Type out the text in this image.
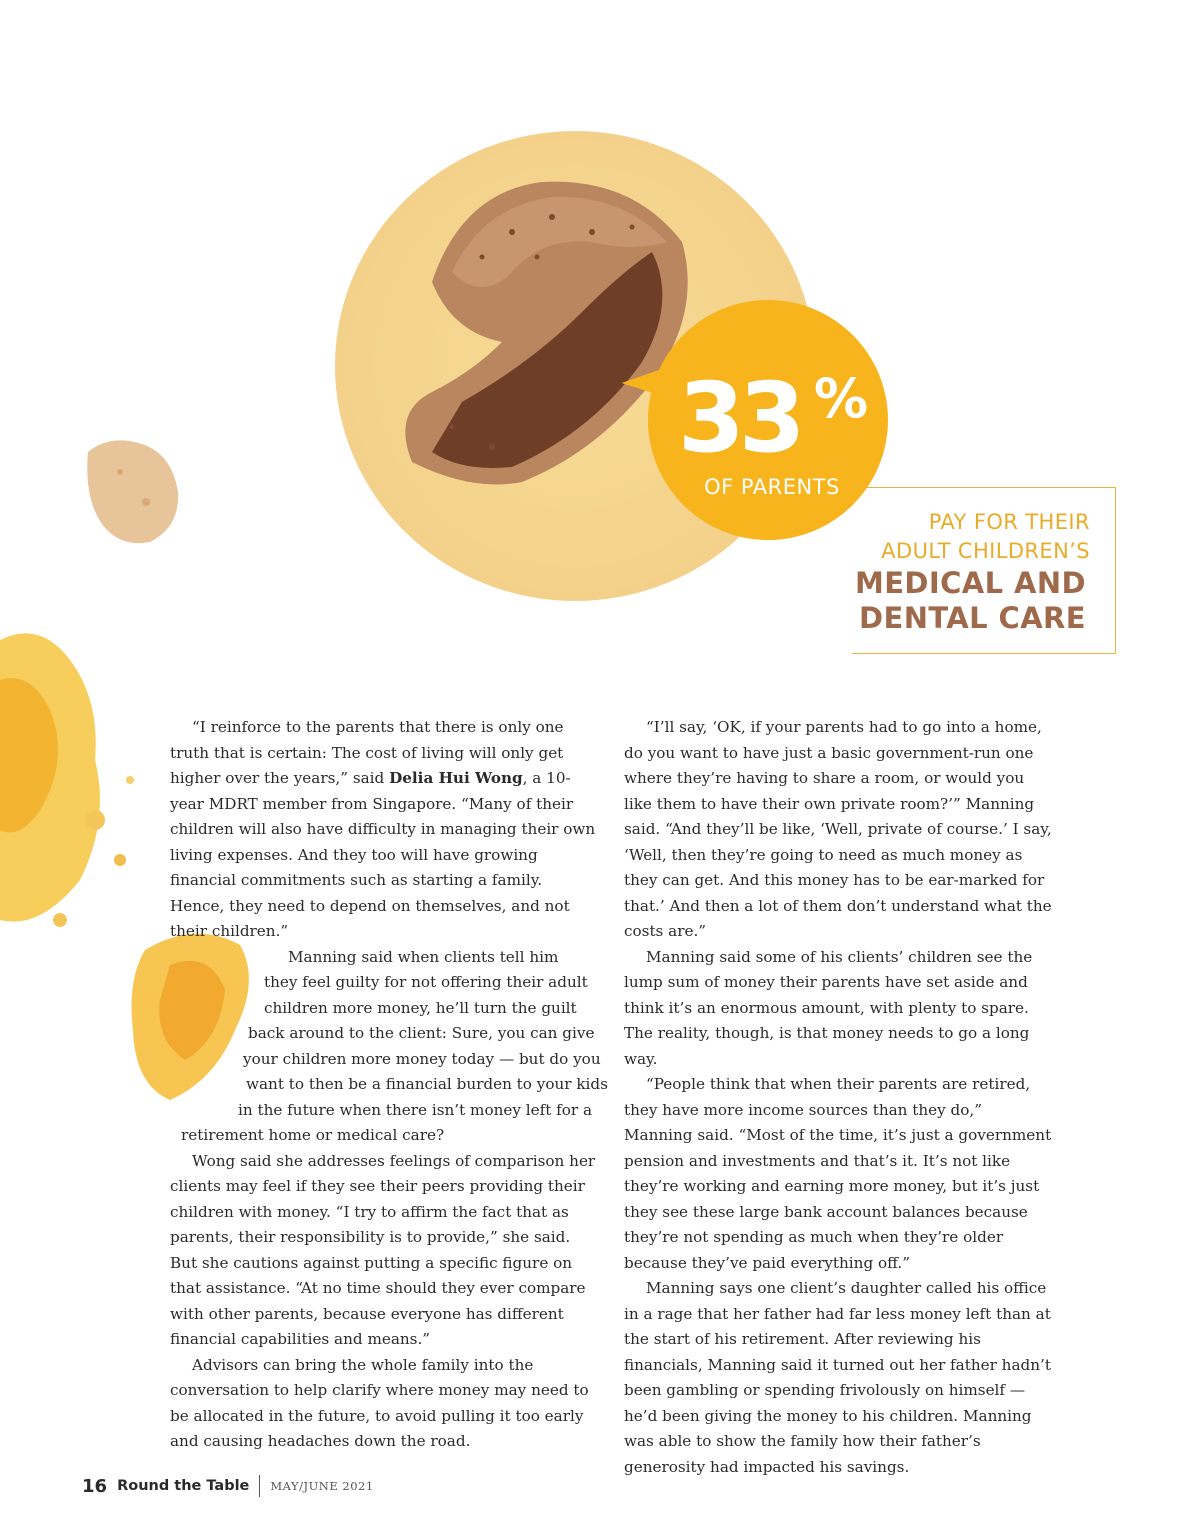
33 %
OF PARENTS
PAY FOR THEIR
ADULT CHILDREN’S
MEDICAL AND
DENTAL CARE

“I reinforce to the parents that there is only one truth that is certain: The cost of living will only get higher over the years,” said Delia Hui Wong, a 10-year MDRT member from Singapore. “Many of their children will also have difficulty in managing their own living expenses. And they too will have growing financial commitments such as starting a family. Hence, they need to depend on themselves, and not their children.”

Manning said when clients tell him

they feel guilty for not offering their adult

children more money, he’ll turn the guilt

back around to the client: Sure, you can give

your children more money today — but do you

want to then be a financial burden to your kids

in the future when there isn’t money left for a

retirement home or medical care?

Wong said she addresses feelings of comparison her clients may feel if they see their peers providing their children with money. “I try to affirm the fact that as parents, their responsibility is to provide,” she said. But she cautions against putting a specific figure on that assistance. “At no time should they ever compare with other parents, because everyone has different financial capabilities and means.”

Advisors can bring the whole family into the conversation to help clarify where money may need to be allocated in the future, to avoid pulling it too early and causing headaches down the road.

“I’ll say, ‘OK, if your parents had to go into a home, do you want to have just a basic government-run one where they’re having to share a room, or would you like them to have their own private room?’” Manning said. “And they’ll be like, ‘Well, private of course.’ I say, ‘Well, then they’re going to need as much money as they can get. And this money has to be ear-marked for that.’ And then a lot of them don’t understand what the costs are.”

Manning said some of his clients’ children see the lump sum of money their parents have set aside and think it’s an enormous amount, with plenty to spare. The reality, though, is that money needs to go a long way.

“People think that when their parents are retired, they have more income sources than they do,” Manning said. “Most of the time, it’s just a government pension and investments and that’s it. It’s not like they’re working and earning more money, but it’s just they see these large bank account balances because they’re not spending as much when they’re older because they’ve paid everything off.”

Manning says one client’s daughter called his office in a rage that her father had far less money left than at the start of his retirement. After reviewing his financials, Manning said it turned out her father hadn’t been gambling or spending frivolously on himself — he’d been giving the money to his children. Manning was able to show the family how their father’s generosity had impacted his savings.

16 Round the Table MAY/JUNE 2021
